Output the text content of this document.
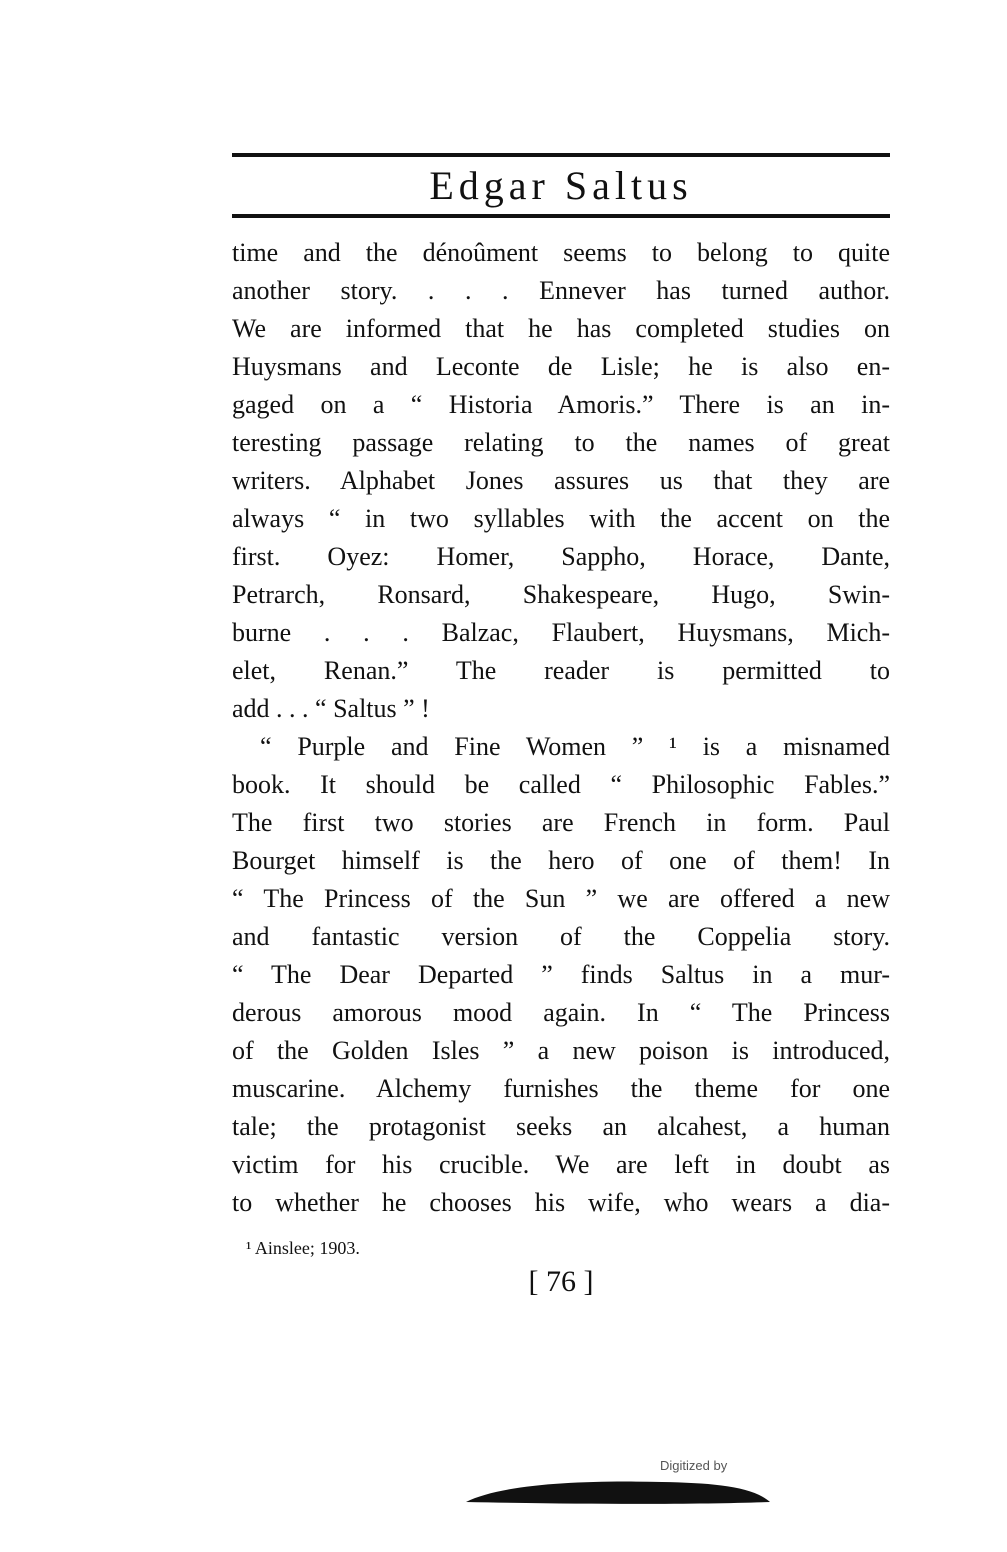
Edgar Saltus
time and the dénoûment seems to belong to quite
another story. . . . Ennever has turned author.
We are informed that he has completed studies on
Huysmans and Leconte de Lisle; he is also en-
gaged on a “ Historia Amoris.” There is an in-
teresting passage relating to the names of great
writers. Alphabet Jones assures us that they are
always “ in two syllables with the accent on the
first. Oyez: Homer, Sappho, Horace, Dante,
Petrarch, Ronsard, Shakespeare, Hugo, Swin-
burne . . . Balzac, Flaubert, Huysmans, Mich-
elet, Renan.” The reader is permitted to
add . . . “ Saltus ” !
“ Purple and Fine Women ” ¹ is a misnamed
book. It should be called “ Philosophic Fables.”
The first two stories are French in form. Paul
Bourget himself is the hero of one of them! In
“ The Princess of the Sun ” we are offered a new
and fantastic version of the Coppelia story.
“ The Dear Departed ” finds Saltus in a mur-
derous amorous mood again. In “ The Princess
of the Golden Isles ” a new poison is introduced,
muscarine. Alchemy furnishes the theme for one
tale; the protagonist seeks an alcahest, a human
victim for his crucible. We are left in doubt as
to whether he chooses his wife, who wears a dia-
¹ Ainslee; 1903.
[ 76 ]
Digitized by
